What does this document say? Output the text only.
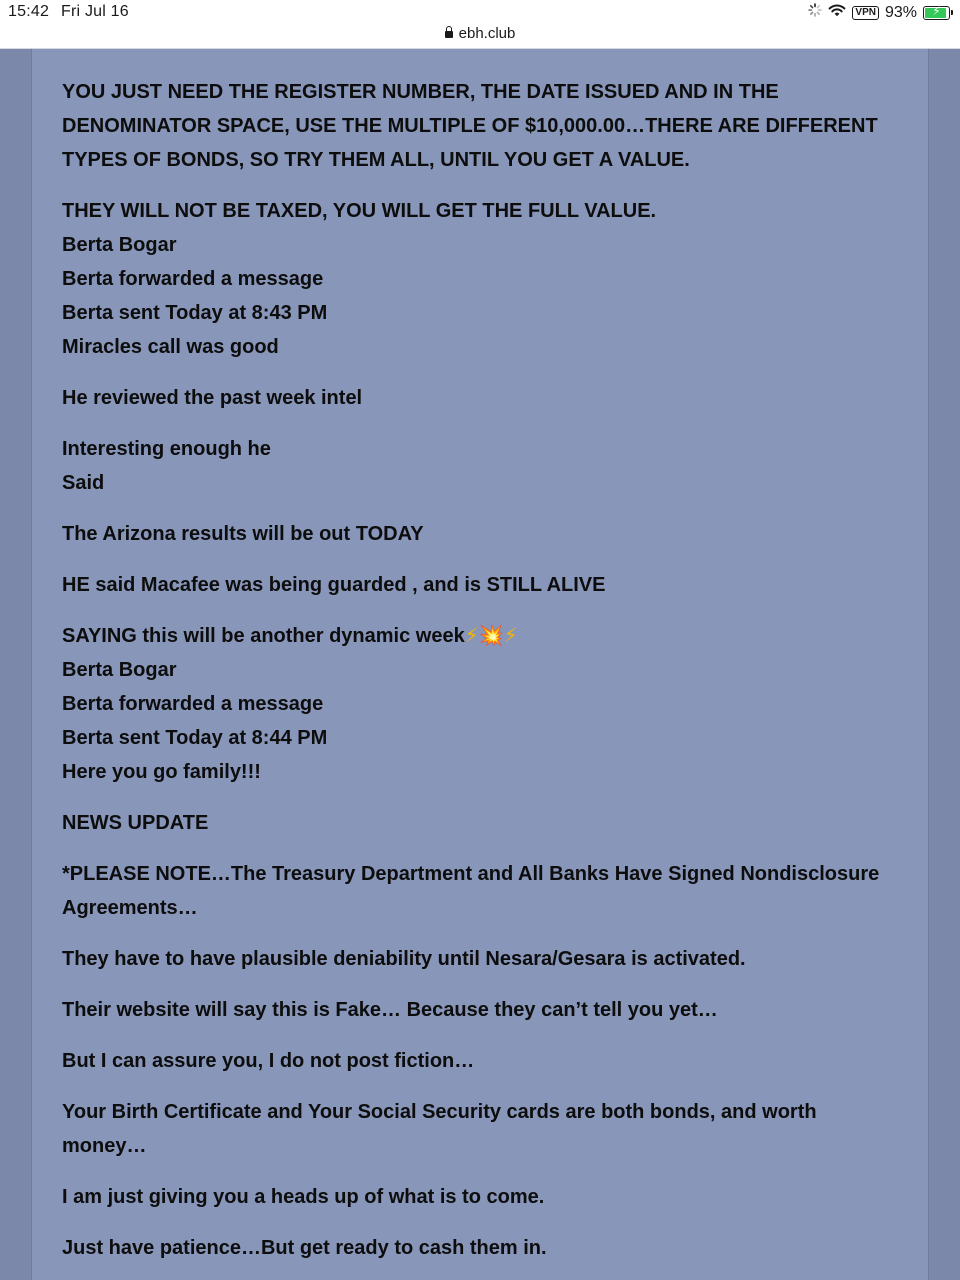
15:42 Fri Jul 16	VPN 93%	⚡
ebh.club

YOU JUST NEED THE REGISTER NUMBER, THE DATE ISSUED AND IN THE DENOMINATOR SPACE, USE THE MULTIPLE OF $10,000.00…THERE ARE DIFFERENT TYPES OF BONDS, SO TRY THEM ALL, UNTIL YOU GET A VALUE.

THEY WILL NOT BE TAXED, YOU WILL GET THE FULL VALUE.

Berta Bogar

Berta forwarded a message

Berta sent Today at 8:43 PM

Miracles call was good

He reviewed the past week intel

Interesting enough he

Said

The Arizona results will be out TODAY

HE said Macafee was being guarded , and is STILL ALIVE

SAYING this will be another dynamic week⚡💥⚡

Berta Bogar

Berta forwarded a message

Berta sent Today at 8:44 PM

Here you go family!!!

NEWS UPDATE

*PLEASE NOTE…The Treasury Department and All Banks Have Signed Nondisclosure Agreements…

They have to have plausible deniability until Nesara/Gesara is activated.

Their website will say this is Fake… Because they can’t tell you yet…

But I can assure you, I do not post fiction…

Your Birth Certificate and Your Social Security cards are both bonds, and worth money…

I am just giving you a heads up of what is to come.

Just have patience…But get ready to cash them in.
